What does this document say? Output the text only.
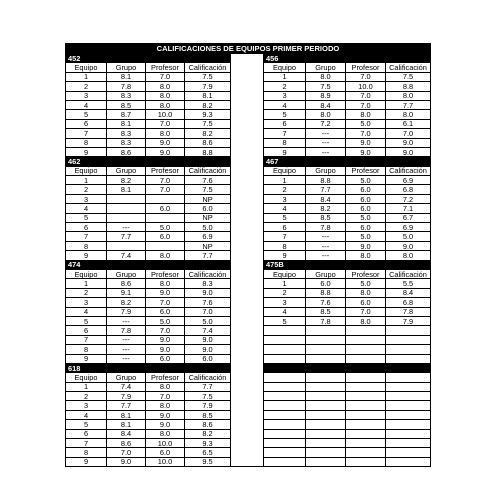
CALIFICACIONES DE EQUIPOS PRIMER PERIODO								
452					456			
Equipo	Grupo	Profesor	Calificación		Equipo	Grupo	Profesor	Calificación
1	8.1	7.0	7.5		1	8.0	7.0	7.5
2	7.8	8.0	7.9		2	7.5	10.0	8.8
3	8.3	8.0	8.1		3	8.9	7.0	8.0
4	8.5	8.0	8.2		4	8.4	7.0	7.7
5	8.7	10.0	9.3		5	8.0	8.0	8.0
6	8.1	7.0	7.5		6	7.2	5.0	6.1
7	8.3	8.0	8.2		7	---	7.0	7.0
8	8.3	9.0	8.6		8	---	9.0	9.0
9	8.6	9.0	8.8		9	---	9.0	9.0
462					467			
Equipo	Grupo	Profesor	Calificación		Equipo	Grupo	Profesor	Calificación
1	8.2	7.0	7.6		1	8.8	5.0	6.9
2	8.1	7.0	7.5		2	7.7	6.0	6.8
3			NP		3	8.4	6.0	7.2
4		6.0	6.0		4	8.2	6.0	7.1
5			NP		5	8.5	5.0	6.7
6	---	5.0	5.0		6	7.8	6.0	6.9
7	7.7	6.0	6.9		7	---	5.0	5.0
8			NP		8	---	9.0	9.0
9	7.4	8.0	7.7		9	---	8.0	8.0
474					475B			
Equipo	Grupo	Profesor	Calificación		Equipo	Grupo	Profesor	Calificación
1	8.6	8.0	8.3		1	6.0	5.0	5.5
2	9.1	9.0	9.0		2	8.8	8.0	8.4
3	8.2	7.0	7.6		3	7.6	6.0	6.8
4	7.9	6.0	7.0		4	8.5	7.0	7.8
5	---	5.0	5.0		5	7.8	8.0	7.9
6	7.8	7.0	7.4					
7	---	9.0	9.0					
8	---	9.0	9.0					
9	---	6.0	6.0					
618								
Equipo	Grupo	Profesor	Calificación					
1	7.4	8.0	7.7					
2	7.9	7.0	7.5					
3	7.7	8.0	7.9					
4	8.1	9.0	8.5					
5	8.1	9.0	8.6					
6	8.4	8.0	8.2					
7	8.6	10.0	9.3					
8	7.0	6.0	6.5					
9	9.0	10.0	9.5					
